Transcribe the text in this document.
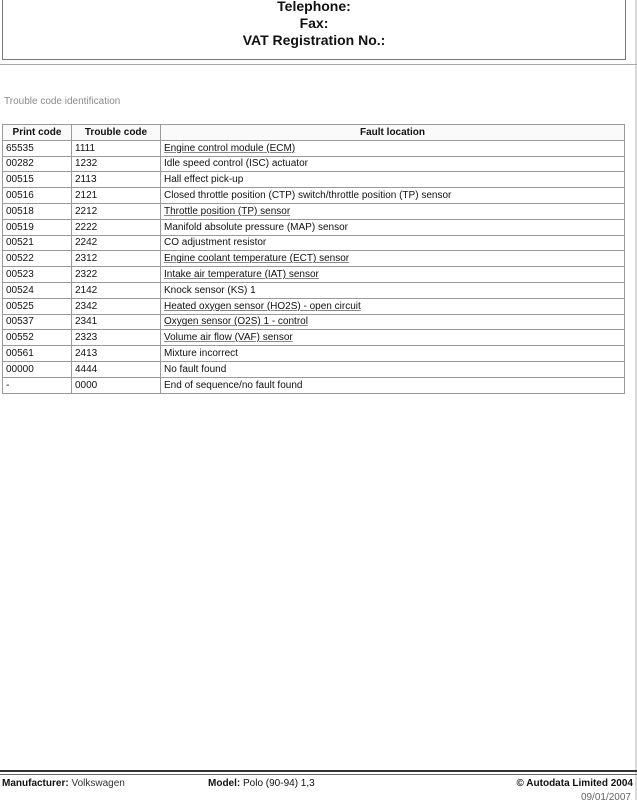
Telephone:
Fax:
VAT Registration No.:
Trouble code identification
Print code	Trouble code	Fault location
65535	1111	Engine control module (ECM)
00282	1232	Idle speed control (ISC) actuator
00515	2113	Hall effect pick-up
00516	2121	Closed throttle position (CTP) switch/throttle position (TP) sensor
00518	2212	Throttle position (TP) sensor
00519	2222	Manifold absolute pressure (MAP) sensor
00521	2242	CO adjustment resistor
00522	2312	Engine coolant temperature (ECT) sensor
00523	2322	Intake air temperature (IAT) sensor
00524	2142	Knock sensor (KS) 1
00525	2342	Heated oxygen sensor (HO2S) - open circuit
00537	2341	Oxygen sensor (O2S) 1 - control
00552	2323	Volume air flow (VAF) sensor
00561	2413	Mixture incorrect
00000	4444	No fault found
-	0000	End of sequence/no fault found
Manufacturer: Volkswagen	Model: Polo (90-94) 1,3	© Autodata Limited 2004
09/01/2007
